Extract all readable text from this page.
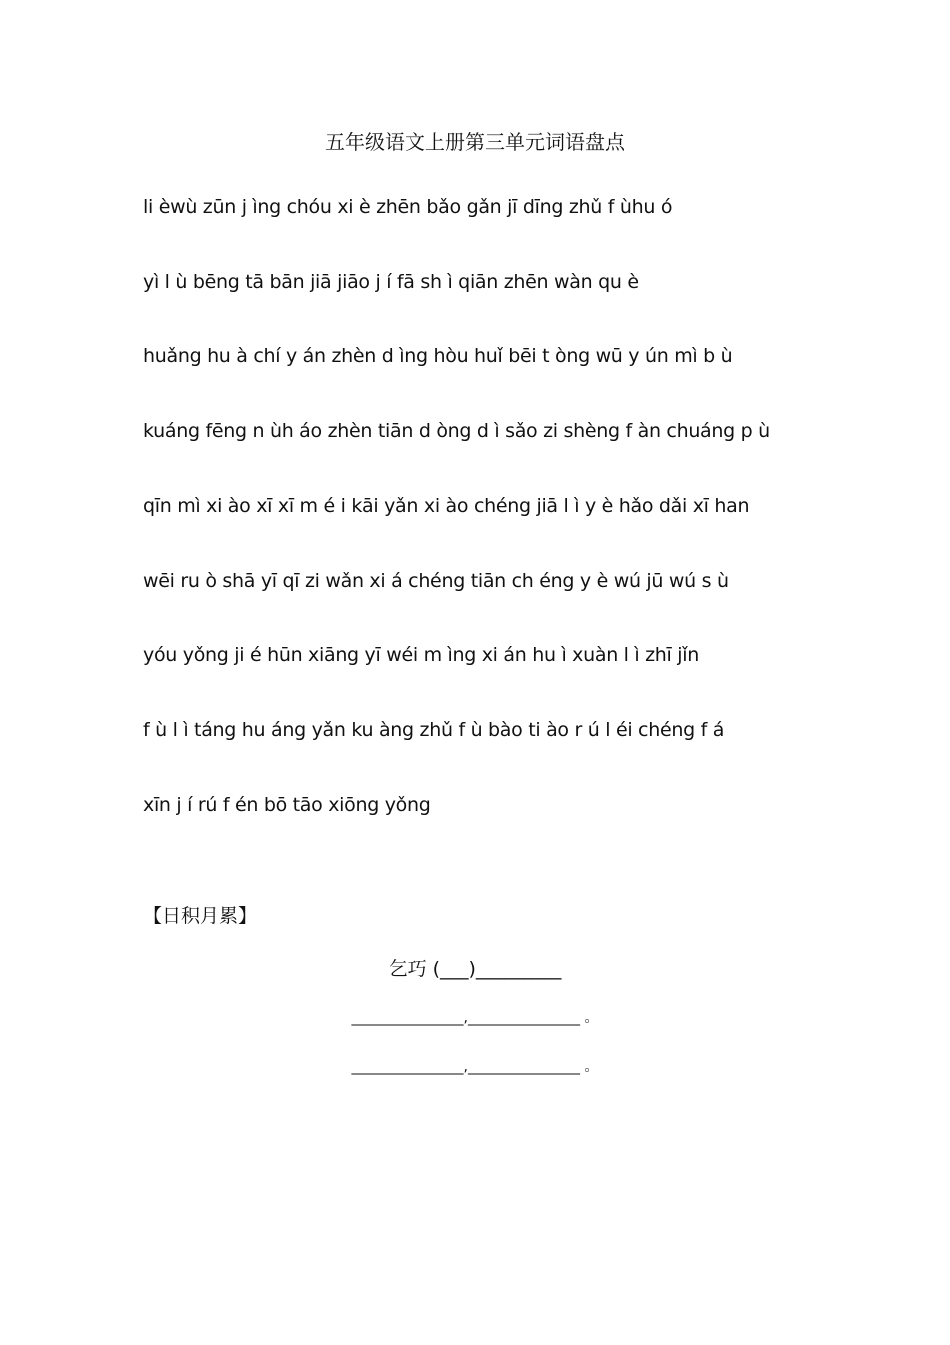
五年级语文上册第三单元词语盘点
li èwù zūn j ìng chóu xi è zhēn bǎo gǎn jī dīng zhǔ f ùhu ó
yì l ù bēng tā bān jiā jiāo j í fā sh ì qiān zhēn wàn qu è
huǎng hu à chí y án zhèn d ìng hòu huǐ bēi t òng wū y ún mì b ù
kuáng fēng n ùh áo zhèn tiān d òng d ì sǎo zi shèng f àn chuáng p ù
qīn mì xi ào xī xī m é i kāi yǎn xi ào chéng jiā l ì y è hǎo dǎi xī han
wēi ru ò shā yī qī zi wǎn xi á chéng tiān ch éng y è wú jū wú s ù
yóu yǒng ji é hūn xiāng yī wéi m ìng xi án hu ì xuàn l ì zhī jǐn
f ù l ì táng hu áng yǎn ku àng zhǔ f ù bào ti ào r ú l éi chéng f á
xīn j í rú f én bō tāo xiōng yǒng
【日积月累】
乞巧 (___)_________
________________,________________ 。
________________,________________ 。
